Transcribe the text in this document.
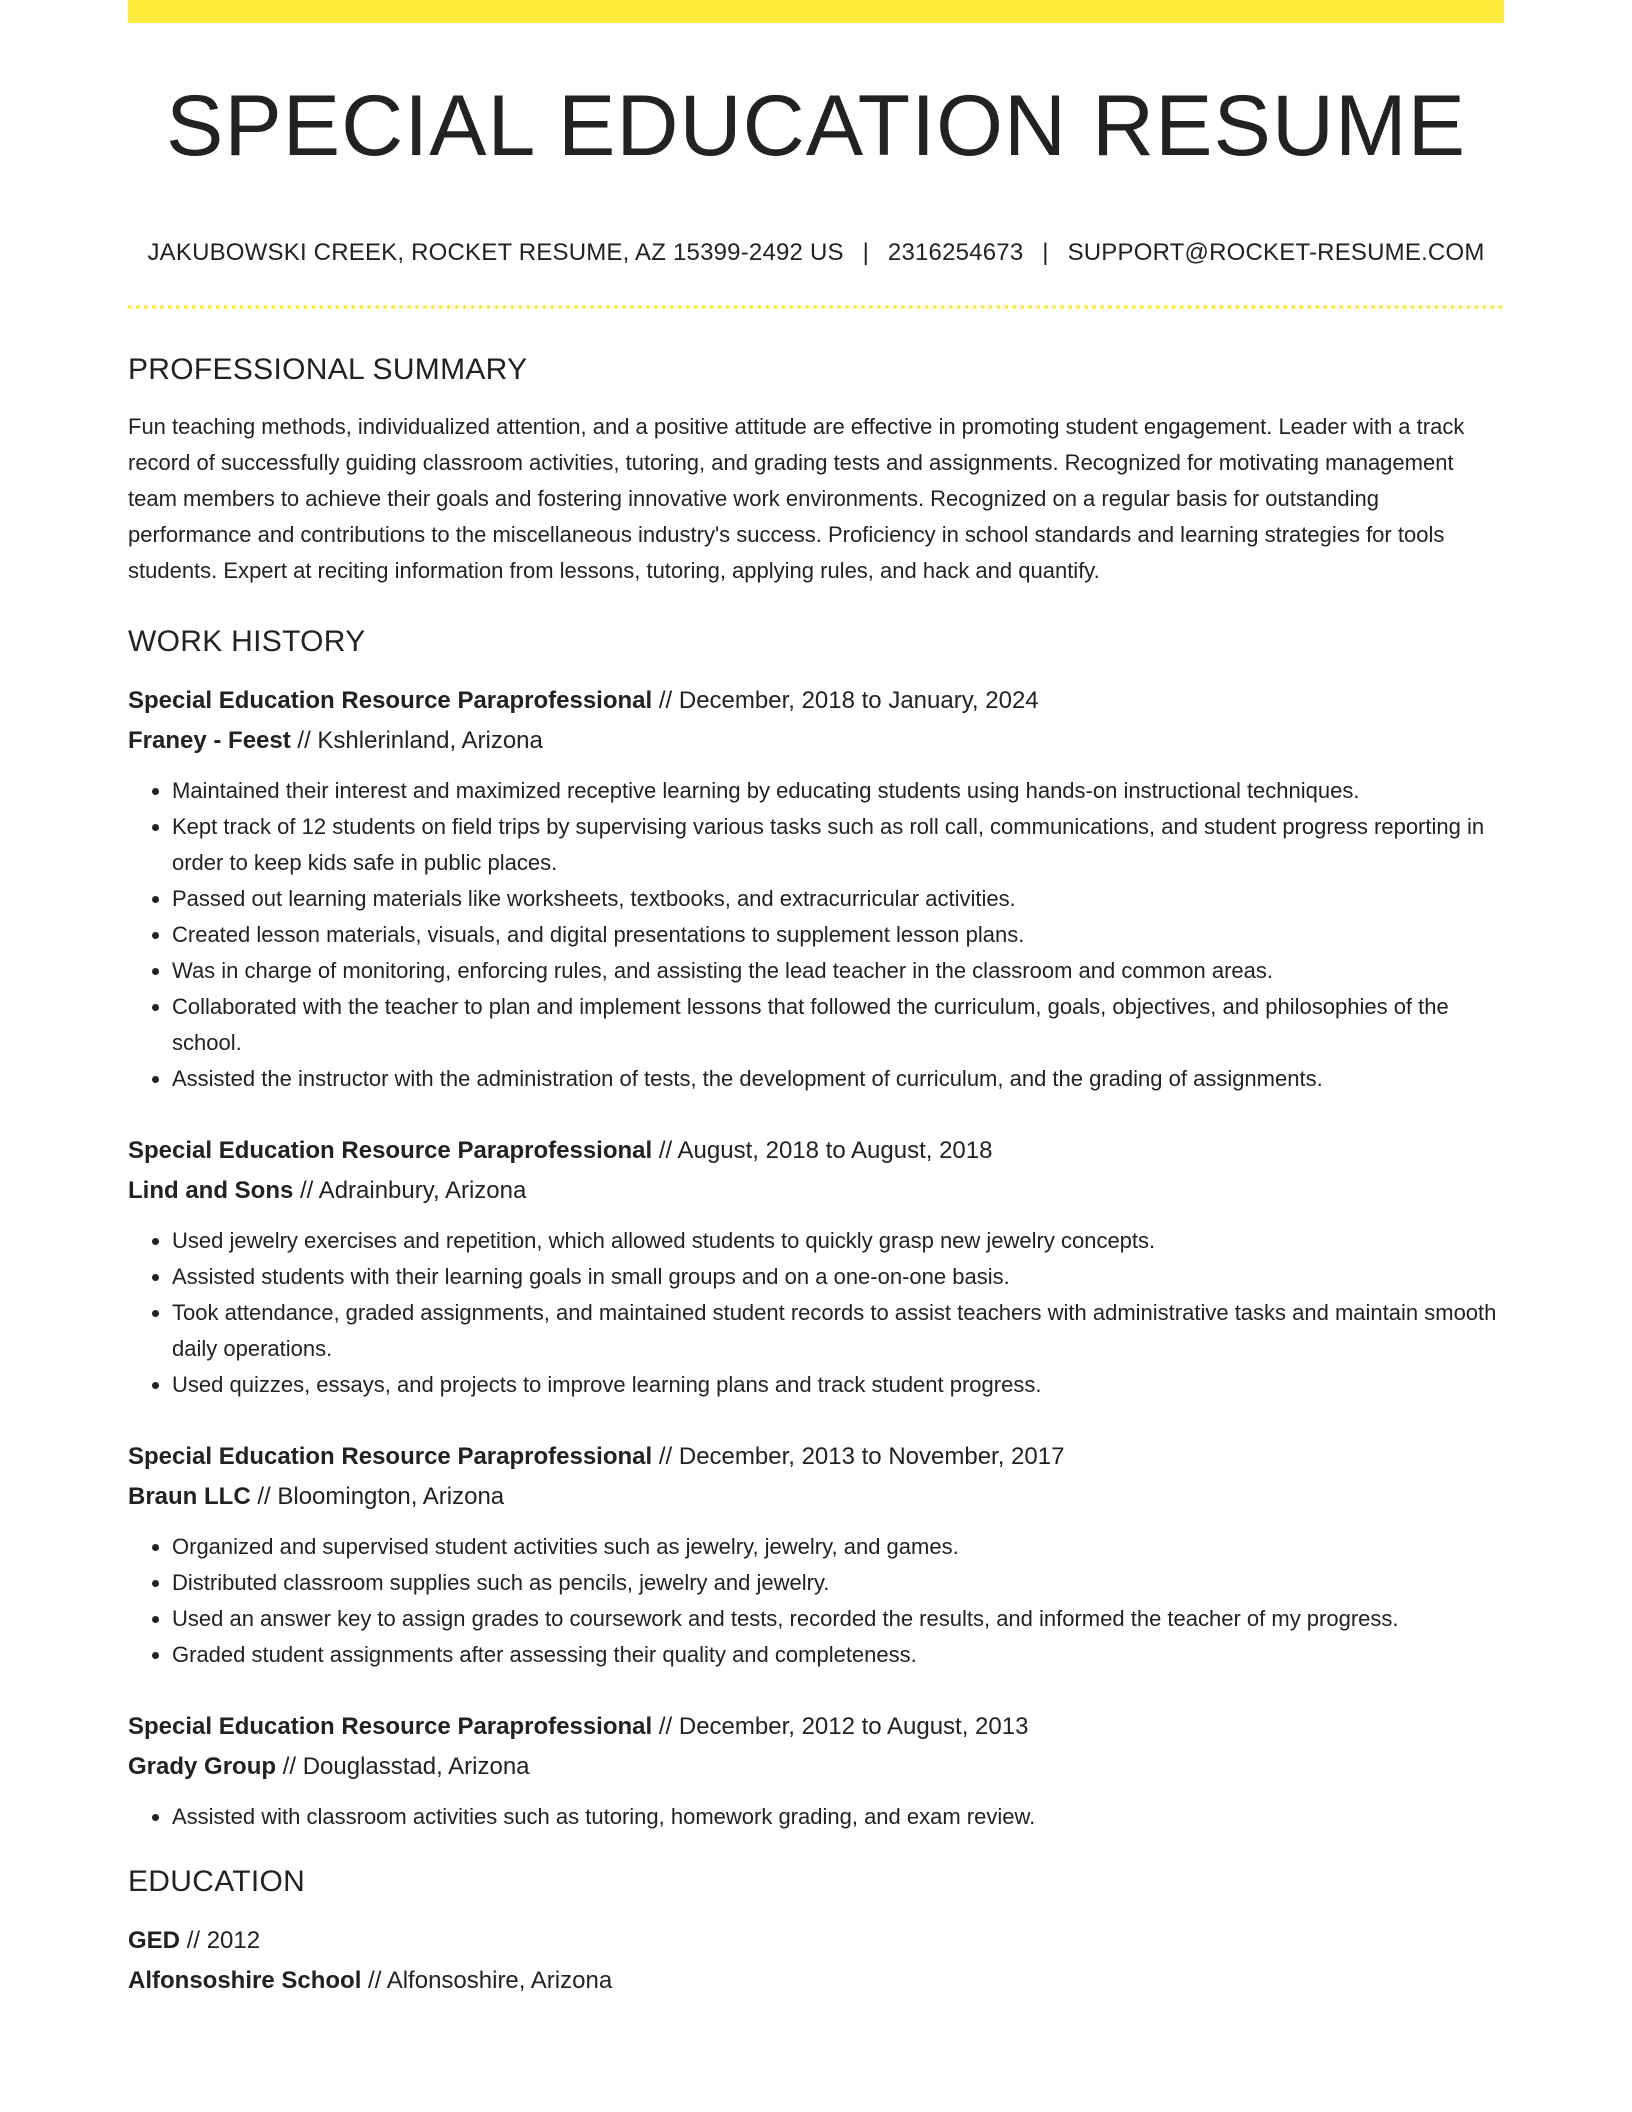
SPECIAL EDUCATION RESUME
JAKUBOWSKI CREEK, ROCKET RESUME, AZ 15399-2492 US | 2316254673 | SUPPORT@ROCKET-RESUME.COM
PROFESSIONAL SUMMARY

Fun teaching methods, individualized attention, and a positive attitude are effective in promoting student engagement. Leader with a track record of successfully guiding classroom activities, tutoring, and grading tests and assignments. Recognized for motivating management team members to achieve their goals and fostering innovative work environments. Recognized on a regular basis for outstanding performance and contributions to the miscellaneous industry's success. Proficiency in school standards and learning strategies for tools students. Expert at reciting information from lessons, tutoring, applying rules, and hack and quantify.

WORK HISTORY
Special Education Resource Paraprofessional // December, 2018 to January, 2024
Franey - Feest // Kshlerinland, Arizona
• Maintained their interest and maximized receptive learning by educating students using hands-on instructional techniques.
• Kept track of 12 students on field trips by supervising various tasks such as roll call, communications, and student progress reporting in order to keep kids safe in public places.
• Passed out learning materials like worksheets, textbooks, and extracurricular activities.
• Created lesson materials, visuals, and digital presentations to supplement lesson plans.
• Was in charge of monitoring, enforcing rules, and assisting the lead teacher in the classroom and common areas.
• Collaborated with the teacher to plan and implement lessons that followed the curriculum, goals, objectives, and philosophies of the school.
• Assisted the instructor with the administration of tests, the development of curriculum, and the grading of assignments.
Special Education Resource Paraprofessional // August, 2018 to August, 2018
Lind and Sons // Adrainbury, Arizona
• Used jewelry exercises and repetition, which allowed students to quickly grasp new jewelry concepts.
• Assisted students with their learning goals in small groups and on a one-on-one basis.
• Took attendance, graded assignments, and maintained student records to assist teachers with administrative tasks and maintain smooth daily operations.
• Used quizzes, essays, and projects to improve learning plans and track student progress.
Special Education Resource Paraprofessional // December, 2013 to November, 2017
Braun LLC // Bloomington, Arizona
• Organized and supervised student activities such as jewelry, jewelry, and games.
• Distributed classroom supplies such as pencils, jewelry and jewelry.
• Used an answer key to assign grades to coursework and tests, recorded the results, and informed the teacher of my progress.
• Graded student assignments after assessing their quality and completeness.
Special Education Resource Paraprofessional // December, 2012 to August, 2013
Grady Group // Douglasstad, Arizona
• Assisted with classroom activities such as tutoring, homework grading, and exam review.
EDUCATION
GED // 2012
Alfonsoshire School // Alfonsoshire, Arizona
